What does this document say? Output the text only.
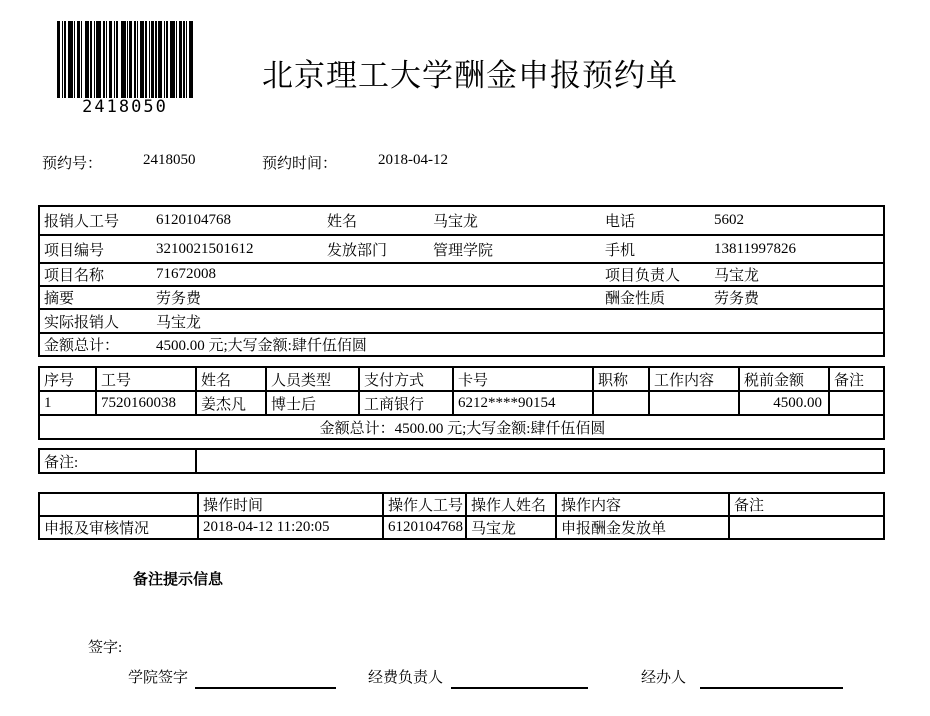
2418050
北京理工大学酬金申报预约单
预约号：	2418050	预约时间：	2018-04-12
报销人工号	6120104768	姓名	马宝龙	电话	5602
项目编号	3210021501612	发放部门	管理学院	手机	13811997826
项目名称	71672008			项目负责人	马宝龙
摘要	劳务费			酬金性质	劳务费
实际报销人	马宝龙				
金额总计：	4500.00 元;大写金额:肆仟伍佰圆				
序号	工号	姓名	人员类型	支付方式	卡号	职称	工作内容	税前金额	备注
1	7520160038	姜杰凡	博士后	工商银行	6212****90154			4500.00	
金额总计：4500.00 元;大写金额:肆仟伍佰圆									
备注:	
	操作时间	操作人工号	操作人姓名	操作内容	备注
申报及审核情况	2018-04-12 11:20:05	6120104768	马宝龙	申报酬金发放单	
备注提示信息
签字:
学院签字	经费负责人	经办人
